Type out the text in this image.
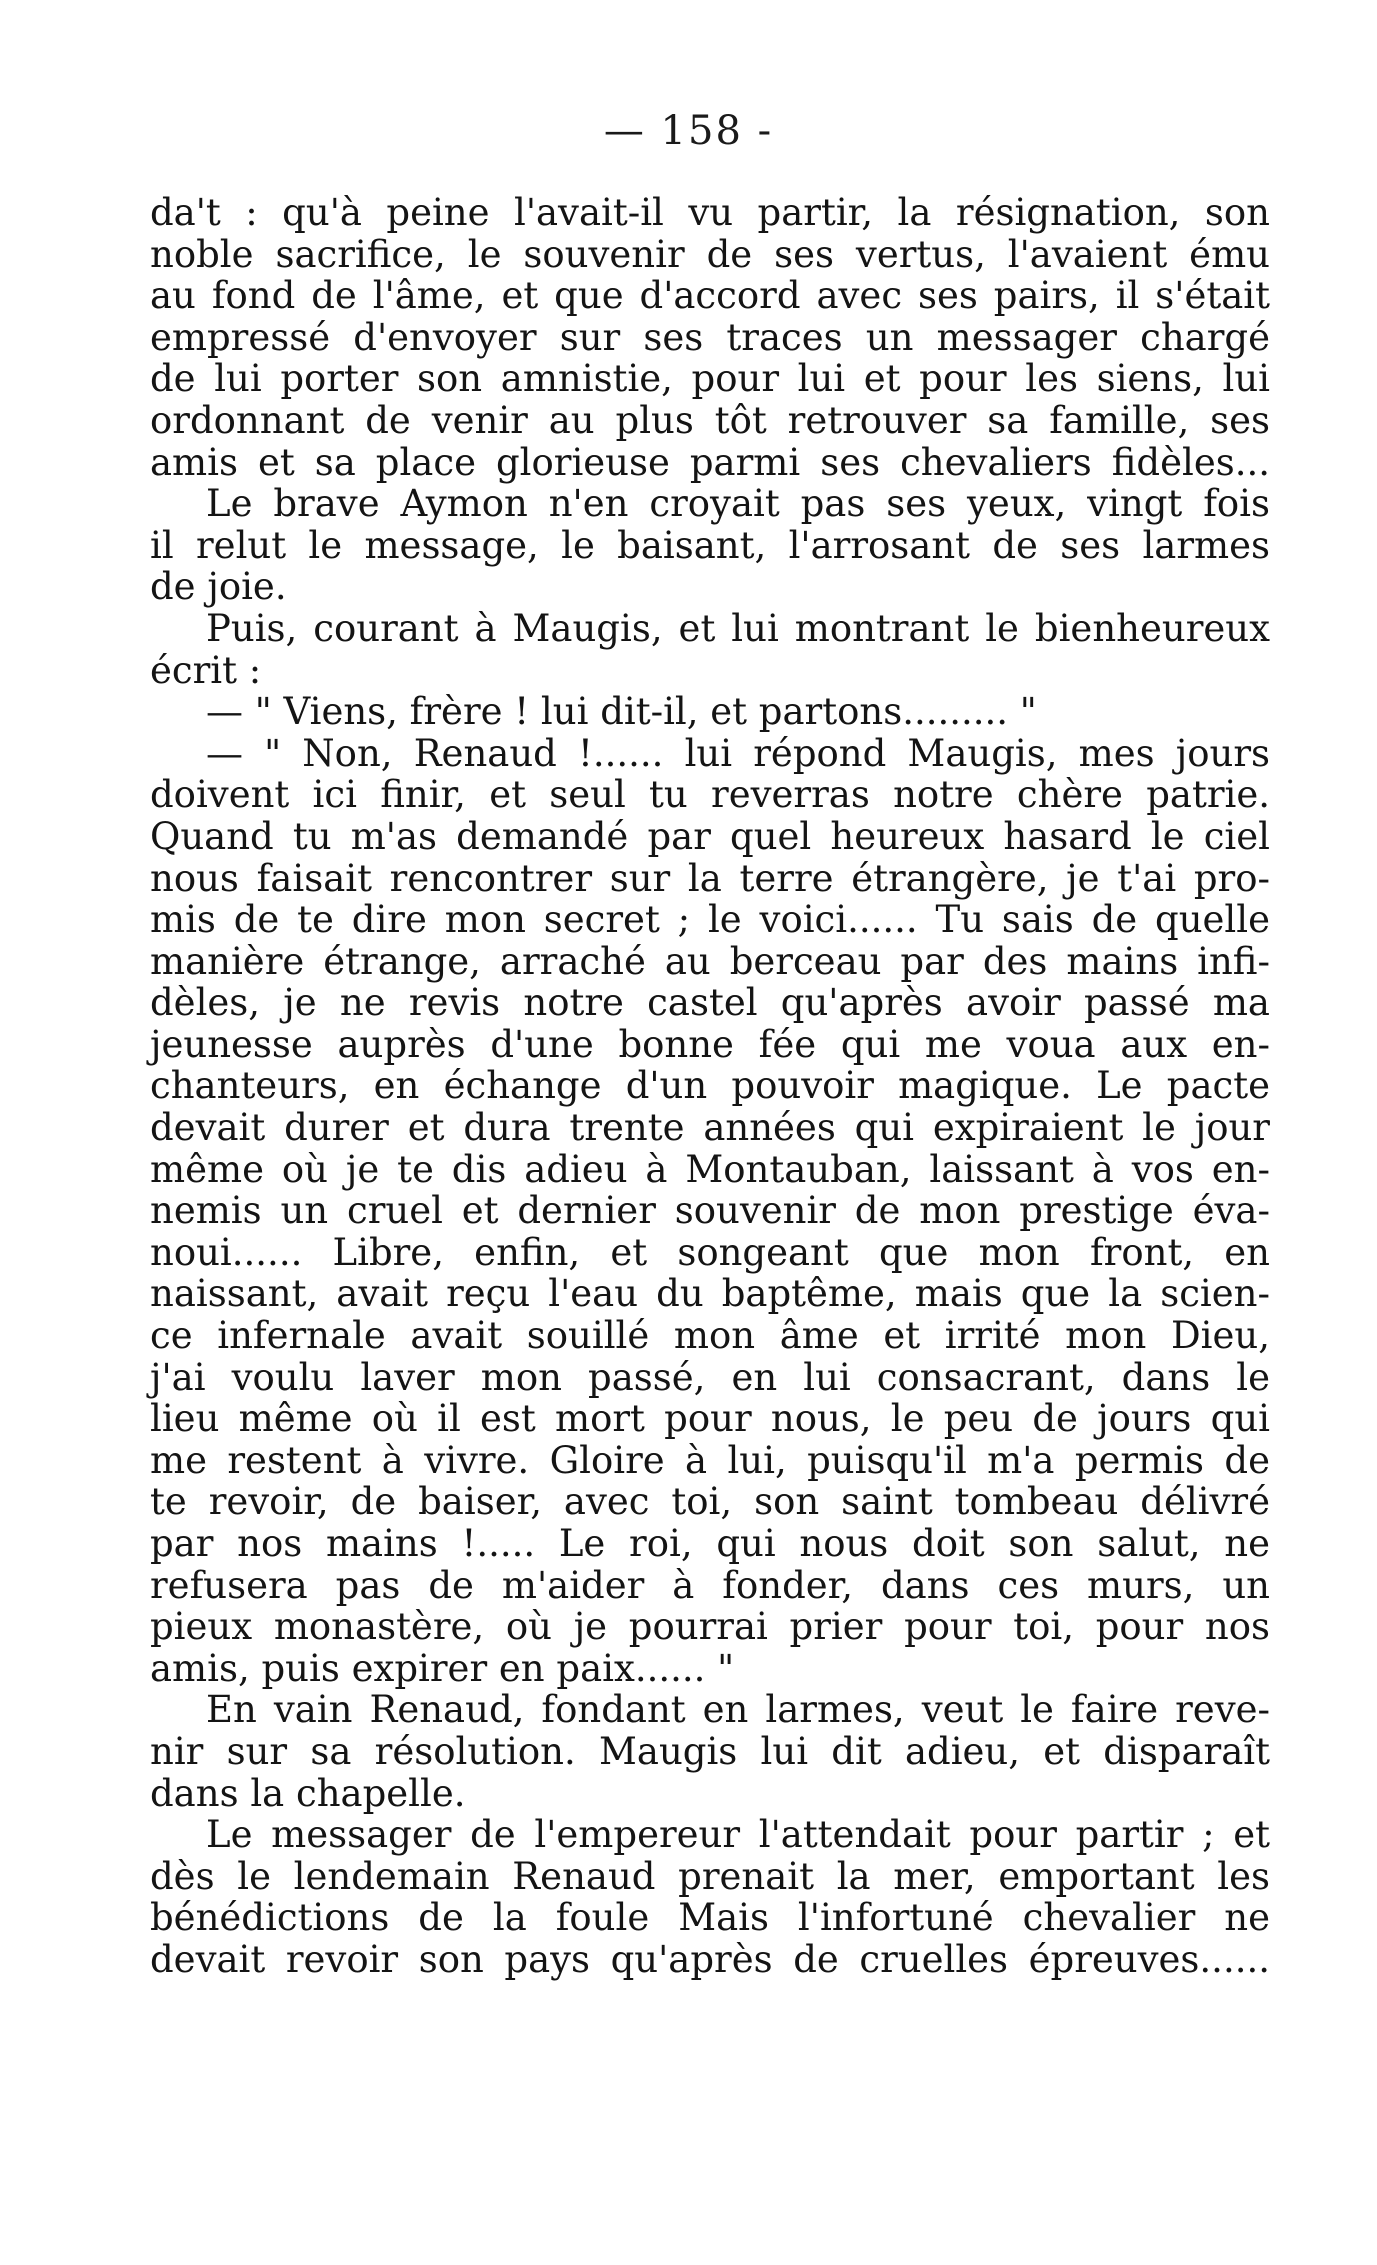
— 158 -
da't : qu'à peine l'avait-il vu partir, la résignation, son
noble sacrifice, le souvenir de ses vertus, l'avaient ému
au fond de l'âme, et que d'accord avec ses pairs, il s'était
empressé d'envoyer sur ses traces un messager chargé
de lui porter son amnistie, pour lui et pour les siens, lui
ordonnant de venir au plus tôt retrouver sa famille, ses
amis et sa place glorieuse parmi ses chevaliers fidèles...
Le brave Aymon n'en croyait pas ses yeux, vingt fois
il relut le message, le baisant, l'arrosant de ses larmes
de joie.
Puis, courant à Maugis, et lui montrant le bienheureux
écrit :
— " Viens, frère ! lui dit-il, et partons......... "
— " Non, Renaud !...... lui répond Maugis, mes jours
doivent ici finir, et seul tu reverras notre chère patrie.
Quand tu m'as demandé par quel heureux hasard le ciel
nous faisait rencontrer sur la terre étrangère, je t'ai pro-
mis de te dire mon secret ; le voici...... Tu sais de quelle
manière étrange, arraché au berceau par des mains infi-
dèles, je ne revis notre castel qu'après avoir passé ma
jeunesse auprès d'une bonne fée qui me voua aux en-
chanteurs, en échange d'un pouvoir magique. Le pacte
devait durer et dura trente années qui expiraient le jour
même où je te dis adieu à Montauban, laissant à vos en-
nemis un cruel et dernier souvenir de mon prestige éva-
noui...... Libre, enfin, et songeant que mon front, en
naissant, avait reçu l'eau du baptême, mais que la scien-
ce infernale avait souillé mon âme et irrité mon Dieu,
j'ai voulu laver mon passé, en lui consacrant, dans le
lieu même où il est mort pour nous, le peu de jours qui
me restent à vivre. Gloire à lui, puisqu'il m'a permis de
te revoir, de baiser, avec toi, son saint tombeau délivré
par nos mains !..... Le roi, qui nous doit son salut, ne
refusera pas de m'aider à fonder, dans ces murs, un
pieux monastère, où je pourrai prier pour toi, pour nos
amis, puis expirer en paix...... "
En vain Renaud, fondant en larmes, veut le faire reve-
nir sur sa résolution. Maugis lui dit adieu, et disparaît
dans la chapelle.
Le messager de l'empereur l'attendait pour partir ; et
dès le lendemain Renaud prenait la mer, emportant les
bénédictions de la foule Mais l'infortuné chevalier ne
devait revoir son pays qu'après de cruelles épreuves......
